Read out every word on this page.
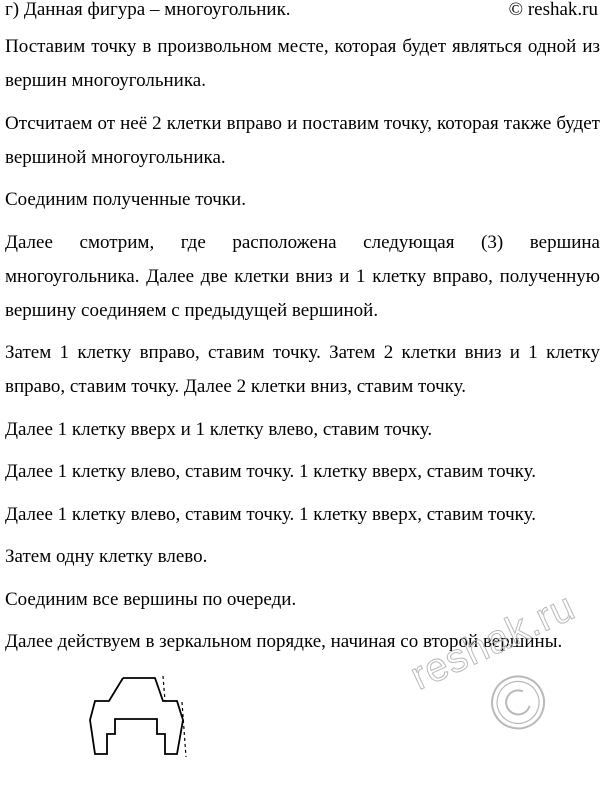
г) Данная фигура – многоугольник.	© reshak.ru

Поставим точку в произвольном месте, которая будет являться одной из вершин многоугольника.

Отсчитаем от неё 2 клетки вправо и поставим точку, которая также будет вершиной многоугольника.

Соединим полученные точки.

Далее смотрим, где расположена следующая (3) вершина многоугольника. Далее две клетки вниз и 1 клетку вправо, полученную вершину соединяем с предыдущей вершиной.

Затем 1 клетку вправо, ставим точку. Затем 2 клетки вниз и 1 клетку вправо, ставим точку. Далее 2 клетки вниз, ставим точку.

Далее 1 клетку вверх и 1 клетку влево, ставим точку.

Далее 1 клетку влево, ставим точку. 1 клетку вверх, ставим точку.

Далее 1 клетку влево, ставим точку. 1 клетку вверх, ставим точку.

Затем одну клетку влево.

Соединим все вершины по очереди.

Далее действуем в зеркальном порядке, начиная со второй вершины.

reshak.ru
